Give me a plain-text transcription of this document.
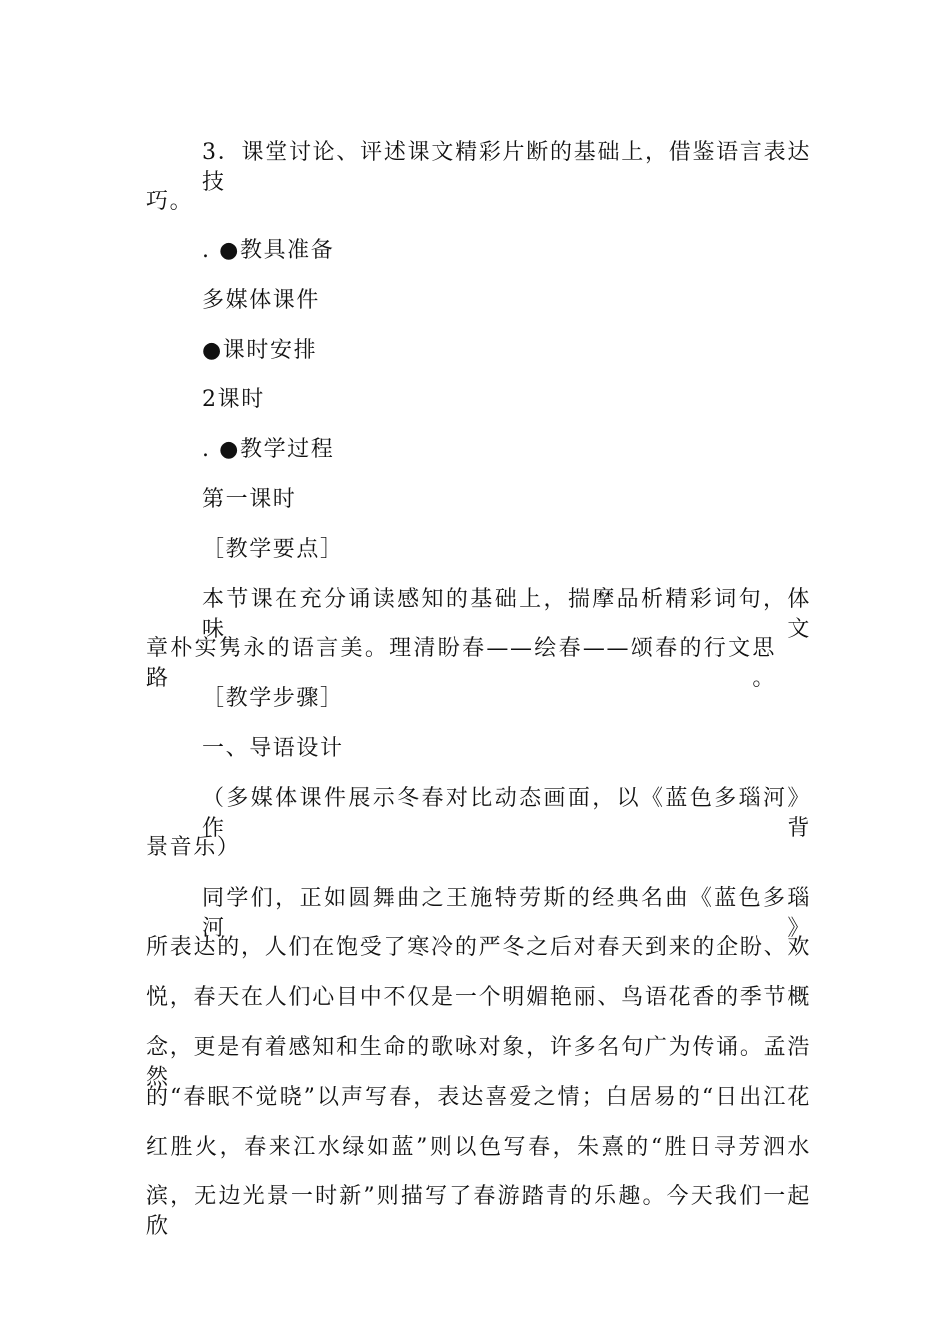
3．课堂讨论、评述课文精彩片断的基础上，借鉴语言表达技
巧。
. ●教具准备
多媒体课件
●课时安排
2课时
. ●教学过程
第一课时
［教学要点］
本节课在充分诵读感知的基础上，揣摩品析精彩词句，体味文
章朴实隽永的语言美。理清盼春——绘春——颂春的行文思路。
［教学步骤］
一、导语设计
（多媒体课件展示冬春对比动态画面，以《蓝色多瑙河》作背
景音乐）
同学们，正如圆舞曲之王施特劳斯的经典名曲《蓝色多瑙河》
所表达的，人们在饱受了寒冷的严冬之后对春天到来的企盼、欢
悦，春天在人们心目中不仅是一个明媚艳丽、鸟语花香的季节概
念，更是有着感知和生命的歌咏对象，许多名句广为传诵。孟浩然
的“春眠不觉晓”以声写春，表达喜爱之情；白居易的“日出江花
红胜火，春来江水绿如蓝”则以色写春，朱熹的“胜日寻芳泗水
滨，无边光景一时新”则描写了春游踏青的乐趣。今天我们一起欣
